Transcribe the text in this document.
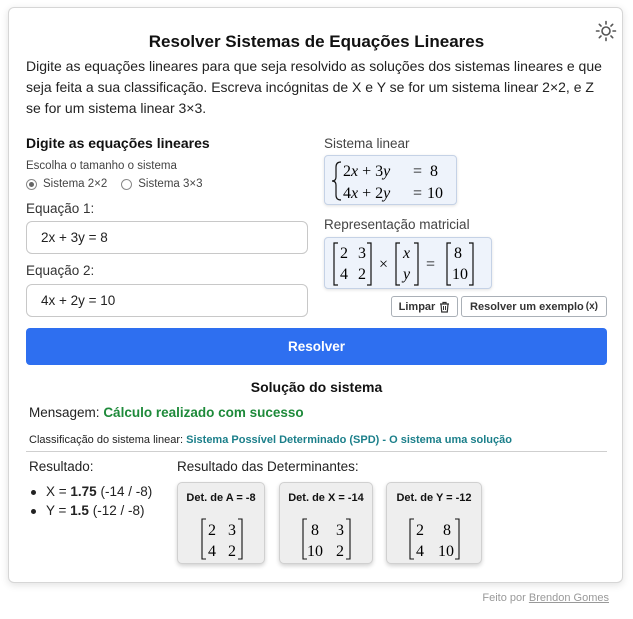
Resolver Sistemas de Equações Lineares
Digite as equações lineares para que seja resolvido as soluções dos sistemas lineares e que seja feita a sua classificação. Escreva incógnitas de X e Y se for um sistema linear 2×2, e Z se for um sistema linear 3×3.
Digite as equações lineares
Escolha o tamanho o sistema
Sistema 2×2	Sistema 3×3
Equação 1:
2x + 3y = 8
Equação 2:
4x + 2y = 10
Sistema linear
2x + 3y = 8
4x + 2y = 10
Representação matricial
2 3
4 2
×
x
y
=
8
10
Limpar	Resolver um exemplo (x)
Resolver
Solução do sistema
Mensagem: Cálculo realizado com sucesso
Classificação do sistema linear: Sistema Possível Determinado (SPD) - O sistema uma solução
Resultado:
X = 1.75 (-14 / -8)
Y = 1.5 (-12 / -8)
Resultado das Determinantes:
Det. de A = -8
2 3
4 2
Det. de X = -14
8 3
10 2
Det. de Y = -12
2 8
4 10
Feito por Brendon Gomes
